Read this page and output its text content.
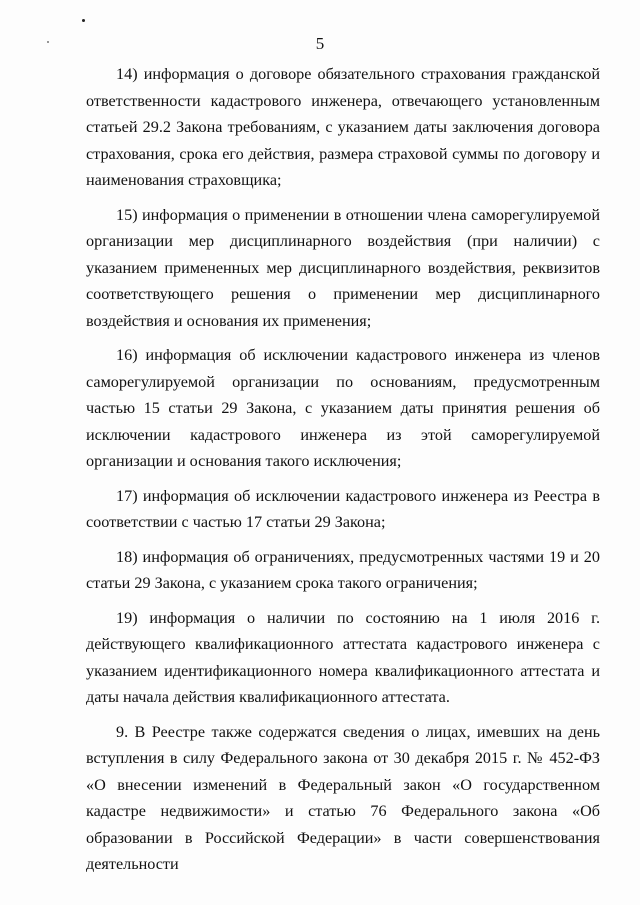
5

14) информация о договоре обязательного страхования гражданской ответственности кадастрового инженера, отвечающего установленным статьей 29.2 Закона требованиям, с указанием даты заключения договора страхования, срока его действия, размера страховой суммы по договору и наименования страховщика;

15) информация о применении в отношении члена саморегулируемой организации мер дисциплинарного воздействия (при наличии) с указанием примененных мер дисциплинарного воздействия, реквизитов соответствующего решения о применении мер дисциплинарного воздействия и основания их применения;

16) информация об исключении кадастрового инженера из членов саморегулируемой организации по основаниям, предусмотренным частью 15 статьи 29 Закона, с указанием даты принятия решения об исключении кадастрового инженера из этой саморегулируемой организации и основания такого исключения;

17) информация об исключении кадастрового инженера из Реестра в соответствии с частью 17 статьи 29 Закона;

18) информация об ограничениях, предусмотренных частями 19 и 20 статьи 29 Закона, с указанием срока такого ограничения;

19) информация о наличии по состоянию на 1 июля 2016 г. действующего квалификационного аттестата кадастрового инженера с указанием идентификационного номера квалификационного аттестата и даты начала действия квалификационного аттестата.

9. В Реестре также содержатся сведения о лицах, имевших на день вступления в силу Федерального закона от 30 декабря 2015 г. № 452-ФЗ «О внесении изменений в Федеральный закон «О государственном кадастре недвижимости» и статью 76 Федерального закона «Об образовании в Российской Федерации» в части совершенствования деятельности
